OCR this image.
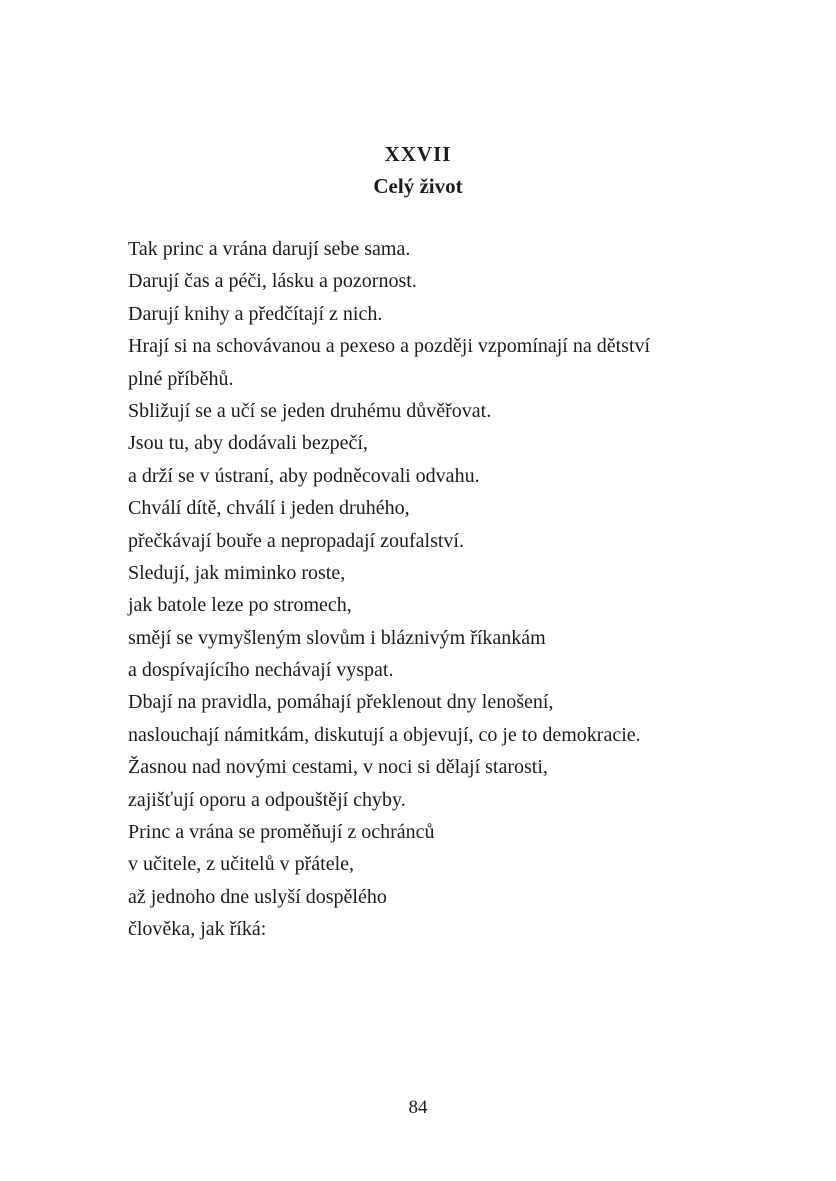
XXVII
Celý život
Tak princ a vrána darují sebe sama.
Darují čas a péči, lásku a pozornost.
Darují knihy a předčítají z nich.
Hrají si na schovávanou a pexeso a později vzpomínají na dětství
plné příběhů.
Sbližují se a učí se jeden druhému důvěřovat.
Jsou tu, aby dodávali bezpečí,
a drží se v ústraní, aby podněcovali odvahu.
Chválí dítě, chválí i jeden druhého,
přečkávají bouře a nepropadají zoufalství.
Sledují, jak miminko roste,
jak batole leze po stromech,
smějí se vymyšleným slovům i bláznivým říkankám
a dospívajícího nechávají vyspat.
Dbají na pravidla, pomáhají překlenout dny lenošení,
naslouchají námitkám, diskutují a objevují, co je to demokracie.
Žasnou nad novými cestami, v noci si dělají starosti,
zajišťují oporu a odpouštějí chyby.
Princ a vrána se proměňují z ochránců
v učitele, z učitelů v přátele,
až jednoho dne uslyší dospělého
člověka, jak říká:
84
